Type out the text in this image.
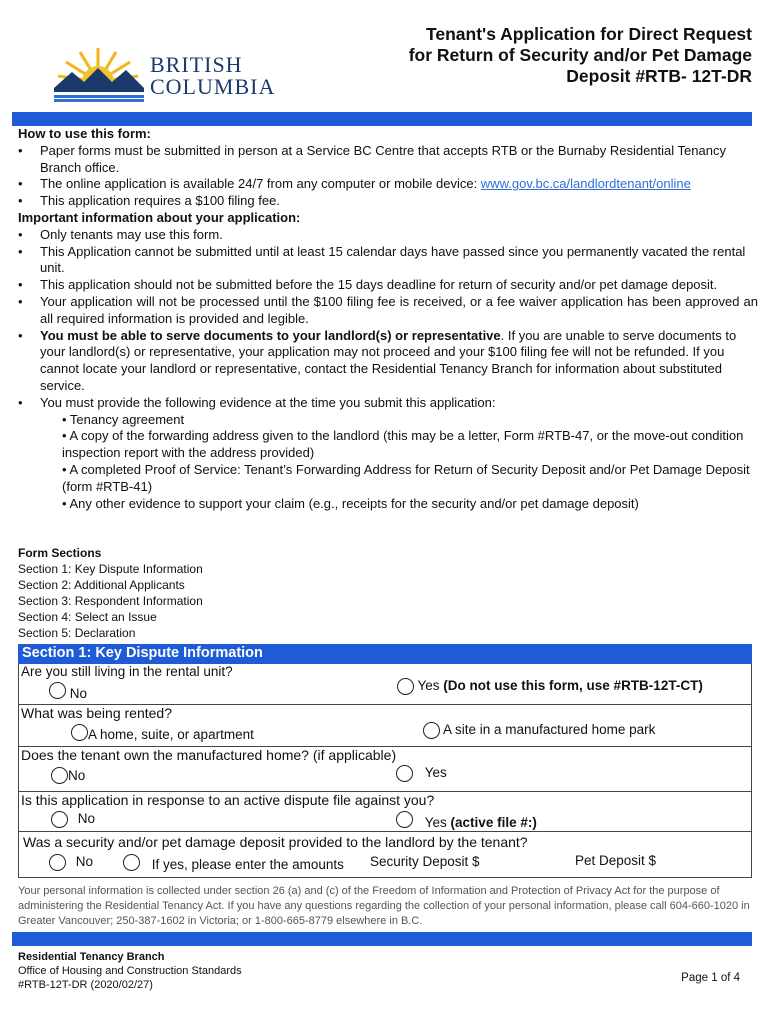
BRITISH
COLUMBIA
Tenant's Application for Direct Request
for Return of Security and/or Pet Damage
Deposit #RTB- 12T-DR
How to use this form:
• Paper forms must be submitted in person at a Service BC Centre that accepts RTB or the Burnaby Residential Tenancy Branch office.
• The online application is available 24/7 from any computer or mobile device: www.gov.bc.ca/landlordtenant/online
• This application requires a $100 filing fee.
Important information about your application:
• Only tenants may use this form.
• This Application cannot be submitted until at least 15 calendar days have passed since you permanently vacated the rental unit.
• This application should not be submitted before the 15 days deadline for return of security and/or pet damage deposit.
• Your application will not be processed until the $100 filing fee is received, or a fee waiver application has been approved an all required information is provided and legible.
• You must be able to serve documents to your landlord(s) or representative. If you are unable to serve documents to your landlord(s) or representative, your application may not proceed and your $100 filing fee will not be refunded. If you cannot locate your landlord or representative, contact the Residential Tenancy Branch for information about substituted service.
• You must provide the following evidence at the time you submit this application:
• Tenancy agreement
• A copy of the forwarding address given to the landlord (this may be a letter, Form #RTB-47, or the move-out condition inspection report with the address provided)
• A completed Proof of Service: Tenant’s Forwarding Address for Return of Security Deposit and/or Pet Damage Deposit (form #RTB-41)
• Any other evidence to support your claim (e.g., receipts for the security and/or pet damage deposit)
Form Sections
Section 1: Key Dispute Information
Section 2: Additional Applicants
Section 3: Respondent Information
Section 4: Select an Issue
Section 5: Declaration
Section 1: Key Dispute Information
Are you still living in the rental unit?
No
Yes (Do not use this form, use #RTB-12T-CT)
What was being rented?
A home, suite, or apartment	A site in a manufactured home park
Does the tenant own the manufactured home? (if applicable)
No	Yes
Is this application in response to an active dispute file against you?
No	Yes (active file #:)
Was a security and/or pet damage deposit provided to the landlord by the tenant?
No	If yes, please enter the amounts Security Deposit $	Pet Deposit $
Your personal information is collected under section 26 (a) and (c) of the Freedom of Information and Protection of Privacy Act for the purpose of administering the Residential Tenancy Act. If you have any questions regarding the collection of your personal information, please call 604-660-1020 in Greater Vancouver; 250-387-1602 in Victoria; or 1-800-665-8779 elsewhere in B.C.
Residential Tenancy Branch
Office of Housing and Construction Standards
#RTB-12T-DR (2020/02/27)
Page 1 of 4
